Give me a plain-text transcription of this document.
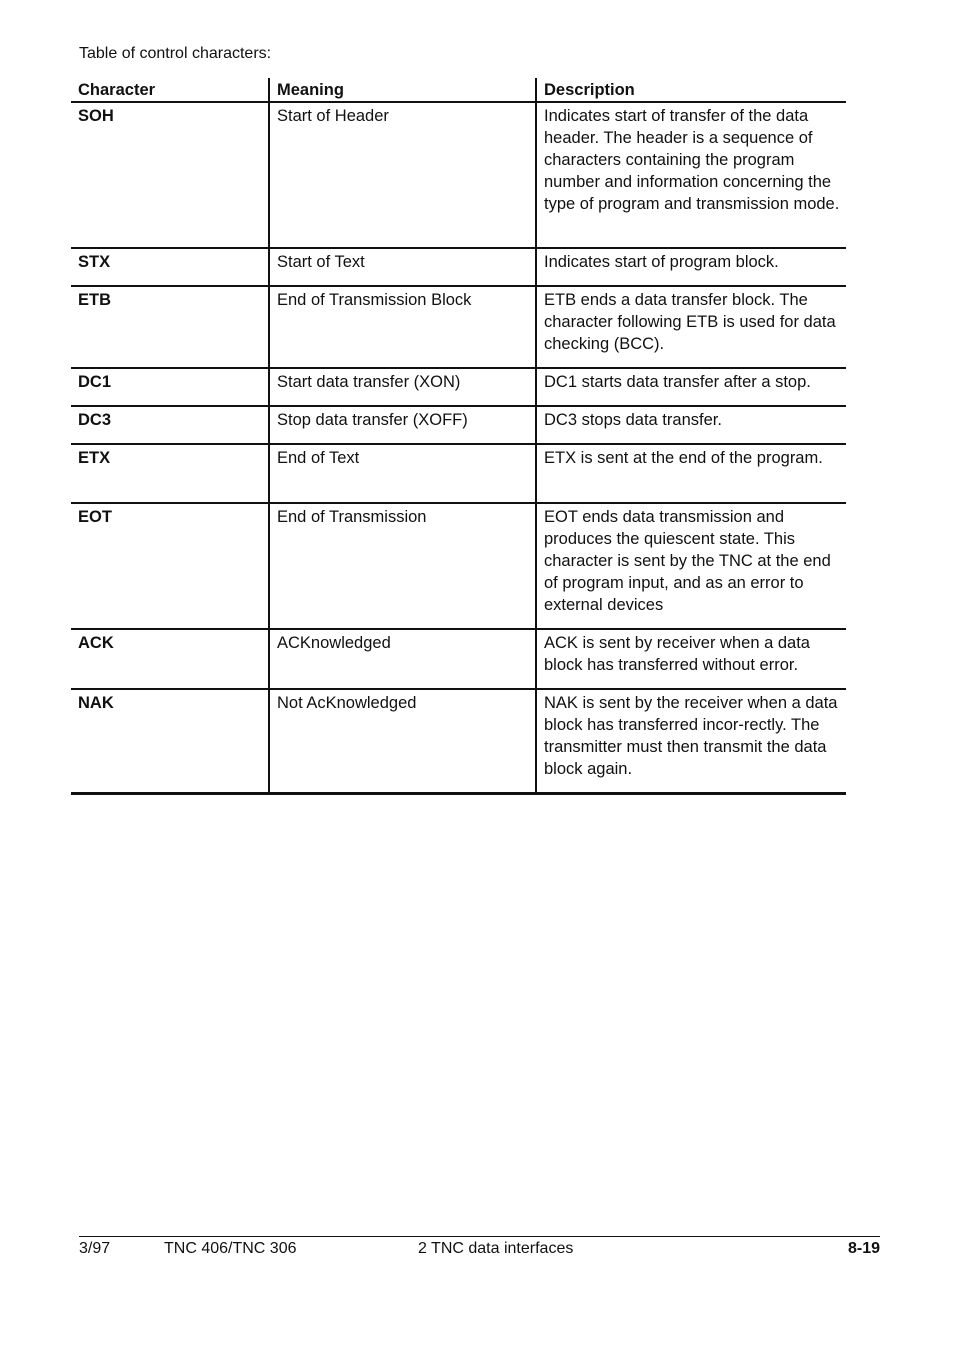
Table of control characters:
Character	Meaning	Description
SOH	Start of Header	Indicates start of transfer of the data header. The header is a sequence of characters containing the program number and information concerning the type of program and transmission mode.
STX	Start of Text	Indicates start of program block.
ETB	End of Transmission Block	ETB ends a data transfer block. The character following ETB is used for data checking (BCC).
DC1	Start data transfer (XON)	DC1 starts data transfer after a stop.
DC3	Stop data transfer (XOFF)	DC3 stops data transfer.
ETX	End of Text	ETX is sent at the end of the program.
EOT	End of Transmission	EOT ends data transmission and produces the quiescent state. This character is sent by the TNC at the end of program input, and as an error to external devices
ACK	ACKnowledged	ACK is sent by receiver when a data block has transferred without error.
NAK	Not AcKnowledged	NAK is sent by the receiver when a data block has transferred incor-rectly. The transmitter must then transmit the data block again.
3/97	TNC 406/TNC 306	2 TNC data interfaces	8-19
